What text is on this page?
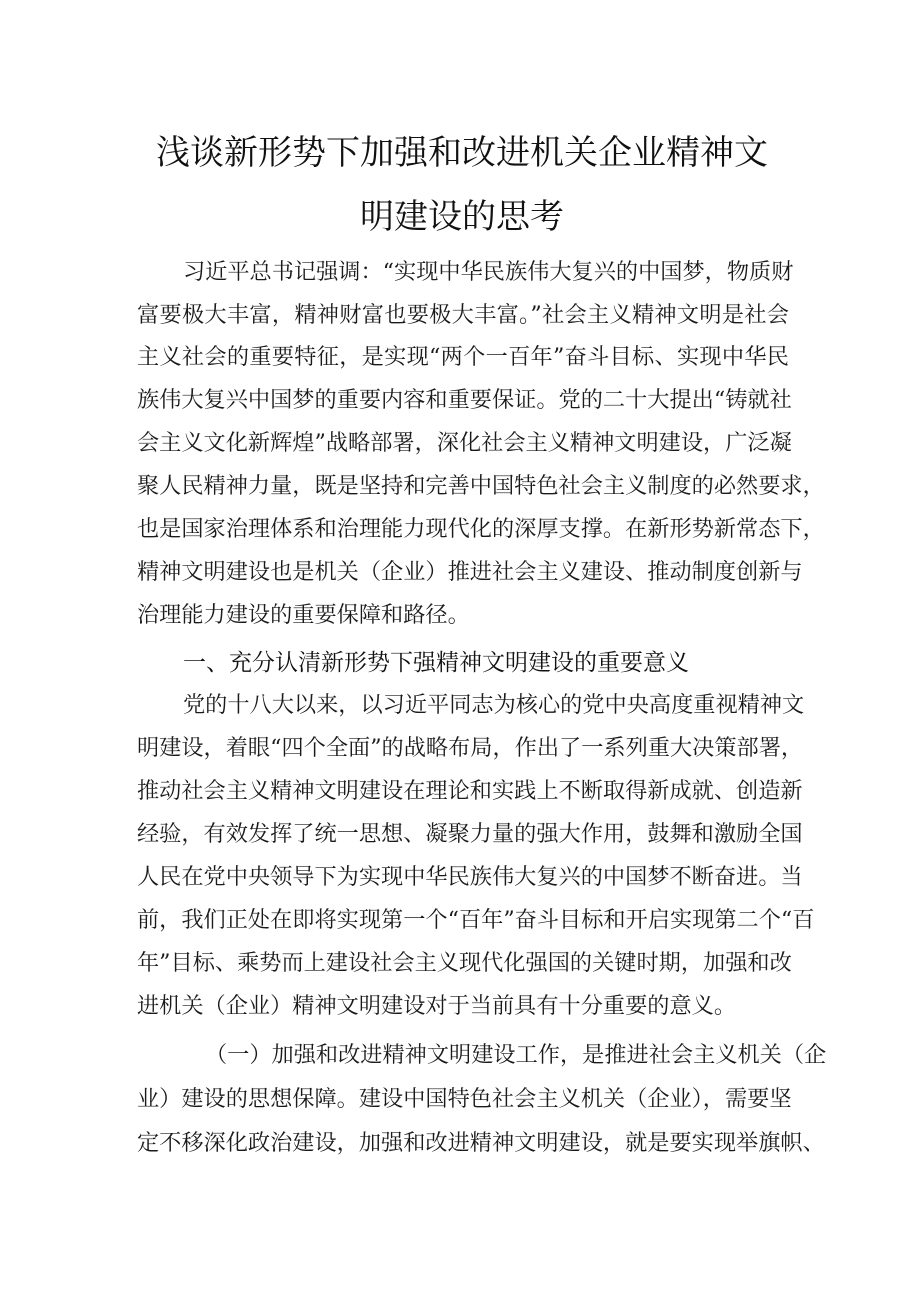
浅谈新形势下加强和改进机关企业精神文
明建设的思考
习近平总书记强调：“实现中华民族伟大复兴的中国梦，物质财
富要极大丰富，精神财富也要极大丰富。”社会主义精神文明是社会
主义社会的重要特征，是实现“两个一百年”奋斗目标、实现中华民
族伟大复兴中国梦的重要内容和重要保证。党的二十大提出“铸就社
会主义文化新辉煌”战略部署，深化社会主义精神文明建设，广泛凝
聚人民精神力量，既是坚持和完善中国特色社会主义制度的必然要求，
也是国家治理体系和治理能力现代化的深厚支撑。在新形势新常态下，
精神文明建设也是机关（企业）推进社会主义建设、推动制度创新与
治理能力建设的重要保障和路径。
一、充分认清新形势下强精神文明建设的重要意义
党的十八大以来，以习近平同志为核心的党中央高度重视精神文
明建设，着眼“四个全面”的战略布局，作出了一系列重大决策部署，
推动社会主义精神文明建设在理论和实践上不断取得新成就、创造新
经验，有效发挥了统一思想、凝聚力量的强大作用，鼓舞和激励全国
人民在党中央领导下为实现中华民族伟大复兴的中国梦不断奋进。当
前，我们正处在即将实现第一个“百年”奋斗目标和开启实现第二个“百
年”目标、乘势而上建设社会主义现代化强国的关键时期，加强和改
进机关（企业）精神文明建设对于当前具有十分重要的意义。
（一）加强和改进精神文明建设工作，是推进社会主义机关（企
业）建设的思想保障。建设中国特色社会主义机关（企业），需要坚
定不移深化政治建设，加强和改进精神文明建设，就是要实现举旗帜、
